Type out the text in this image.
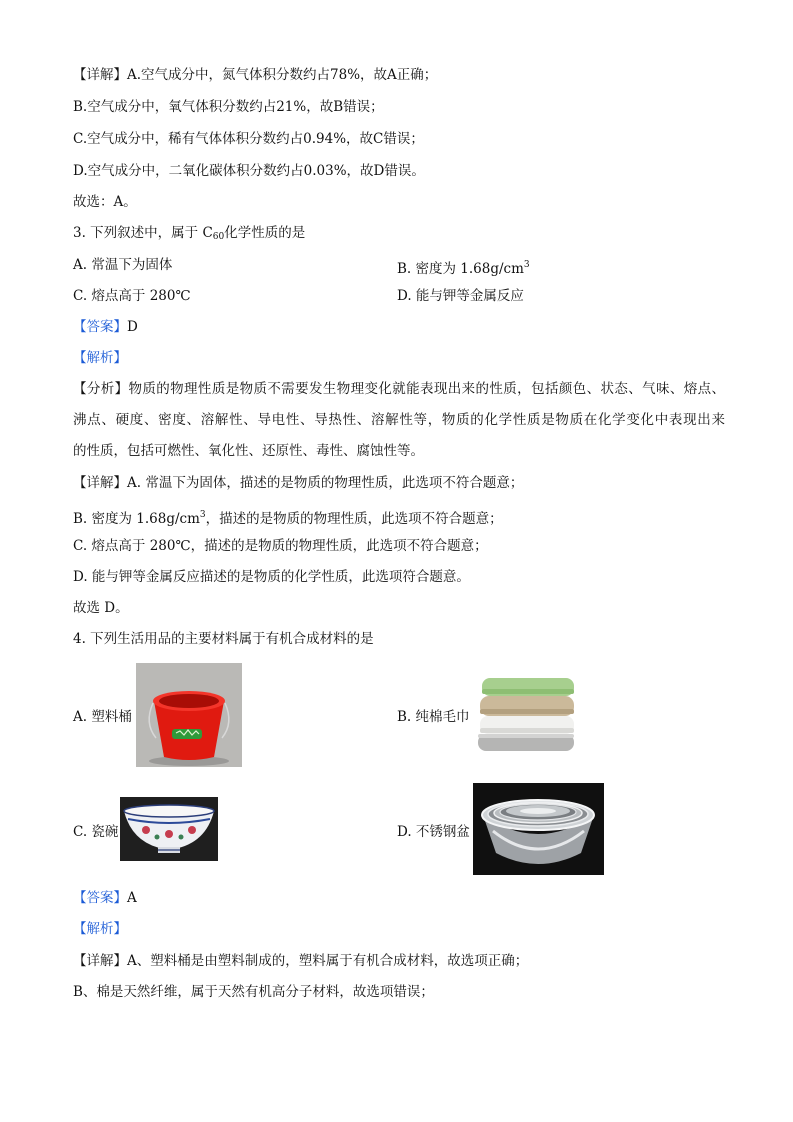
【详解】A.空气成分中，氮气体积分数约占78%，故A正确；
B.空气成分中，氧气体积分数约占21%，故B错误；
C.空气成分中，稀有气体体积分数约占0.94%，故C错误；
D.空气成分中，二氧化碳体积分数约占0.03%，故D错误。
故选：A。
3. 下列叙述中，属于 $C_{60}$化学性质的是
A. 常温下为固体	B. 密度为 $1.68g/cm^3$
C. 熔点高于 280℃	D. 能与钾等金属反应
【答案】D
【解析】
【分析】物质的物理性质是物质不需要发生物理变化就能表现出来的性质，包括颜色、状态、气味、熔点、
沸点、硬度、密度、溶解性、导电性、导热性、溶解性等，物质的化学性质是物质在化学变化中表现出来
的性质，包括可燃性、氧化性、还原性、毒性、腐蚀性等。
【详解】A. 常温下为固体，描述的是物质的物理性质，此选项不符合题意；
B. 密度为 $1.68g/cm^3$，描述的是物质的物理性质，此选项不符合题意；
C. 熔点高于 280℃，描述的是物质的物理性质，此选项不符合题意；
D. 能与钾等金属反应描述的是物质的化学性质，此选项符合题意。
故选 D。
4. 下列生活用品的主要材料属于有机合成材料的是
A. 塑料桶	B. 纯棉毛巾
C. 瓷碗	D. 不锈钢盆
【答案】A
【解析】
【详解】A、塑料桶是由塑料制成的，塑料属于有机合成材料，故选项正确；
B、棉是天然纤维，属于天然有机高分子材料，故选项错误；
